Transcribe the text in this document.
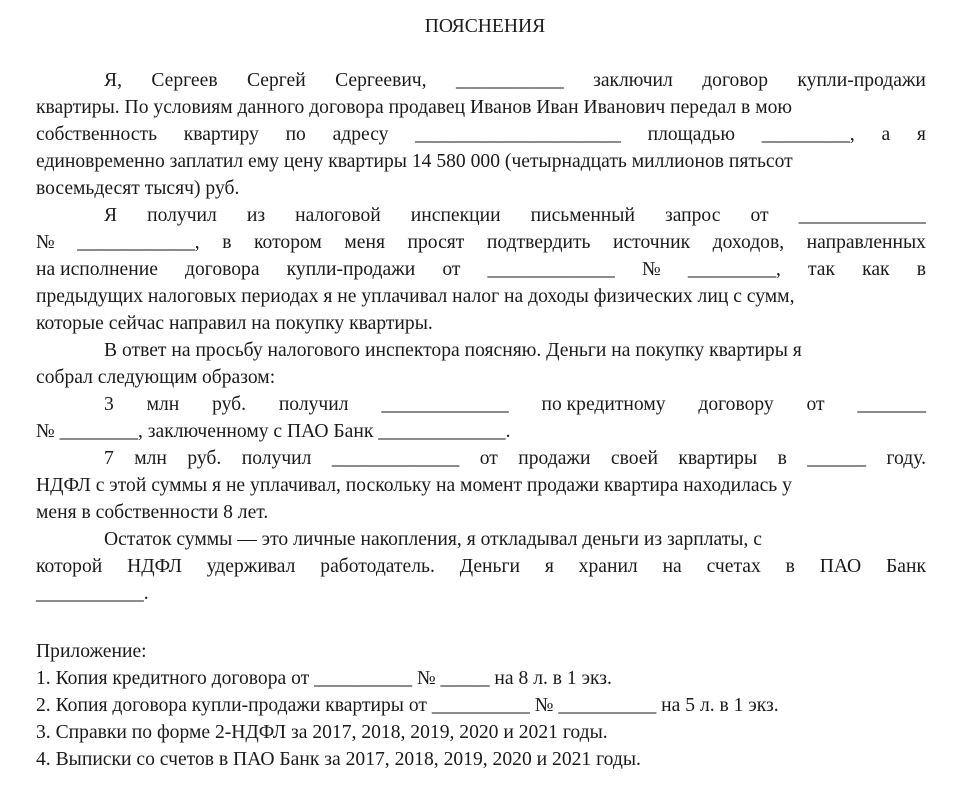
ПОЯСНЕНИЯ
Я, Сергеев Сергей Сергеевич, ___________ заключил договор купли-продажи
квартиры. По условиям данного договора продавец Иванов Иван Иванович передал в мою
собственность квартиру по адресу _____________________ площадью _________, а я
единовременно заплатил ему цену квартиры 14 580 000 (четырнадцать миллионов пятьсот
восемьдесят тысяч) руб.
Я получил из налоговой инспекции письменный запрос от _____________
№ ____________, в котором меня просят подтвердить источник доходов, направленных
на исполнение договора купли-продажи от _____________ № _________, так как в
предыдущих налоговых периодах я не уплачивал налог на доходы физических лиц с сумм,
которые сейчас направил на покупку квартиры.
В ответ на просьбу налогового инспектора поясняю. Деньги на покупку квартиры я
собрал следующим образом:
3 млн руб. получил _____________ по кредитному договору от _______
№ ________, заключенному с ПАО Банк _____________.
7 млн руб. получил _____________ от продажи своей квартиры в ______ году.
НДФЛ с этой суммы я не уплачивал, поскольку на момент продажи квартира находилась у
меня в собственности 8 лет.
Остаток суммы — это личные накопления, я откладывал деньги из зарплаты, с
которой НДФЛ удерживал работодатель. Деньги я хранил на счетах в ПАО Банк
___________.
Приложение:
1. Копия кредитного договора от __________ № _____ на 8 л. в 1 экз.
2. Копия договора купли-продажи квартиры от __________ № __________ на 5 л. в 1 экз.
3. Справки по форме 2-НДФЛ за 2017, 2018, 2019, 2020 и 2021 годы.
4. Выписки со счетов в ПАО Банк за 2017, 2018, 2019, 2020 и 2021 годы.
